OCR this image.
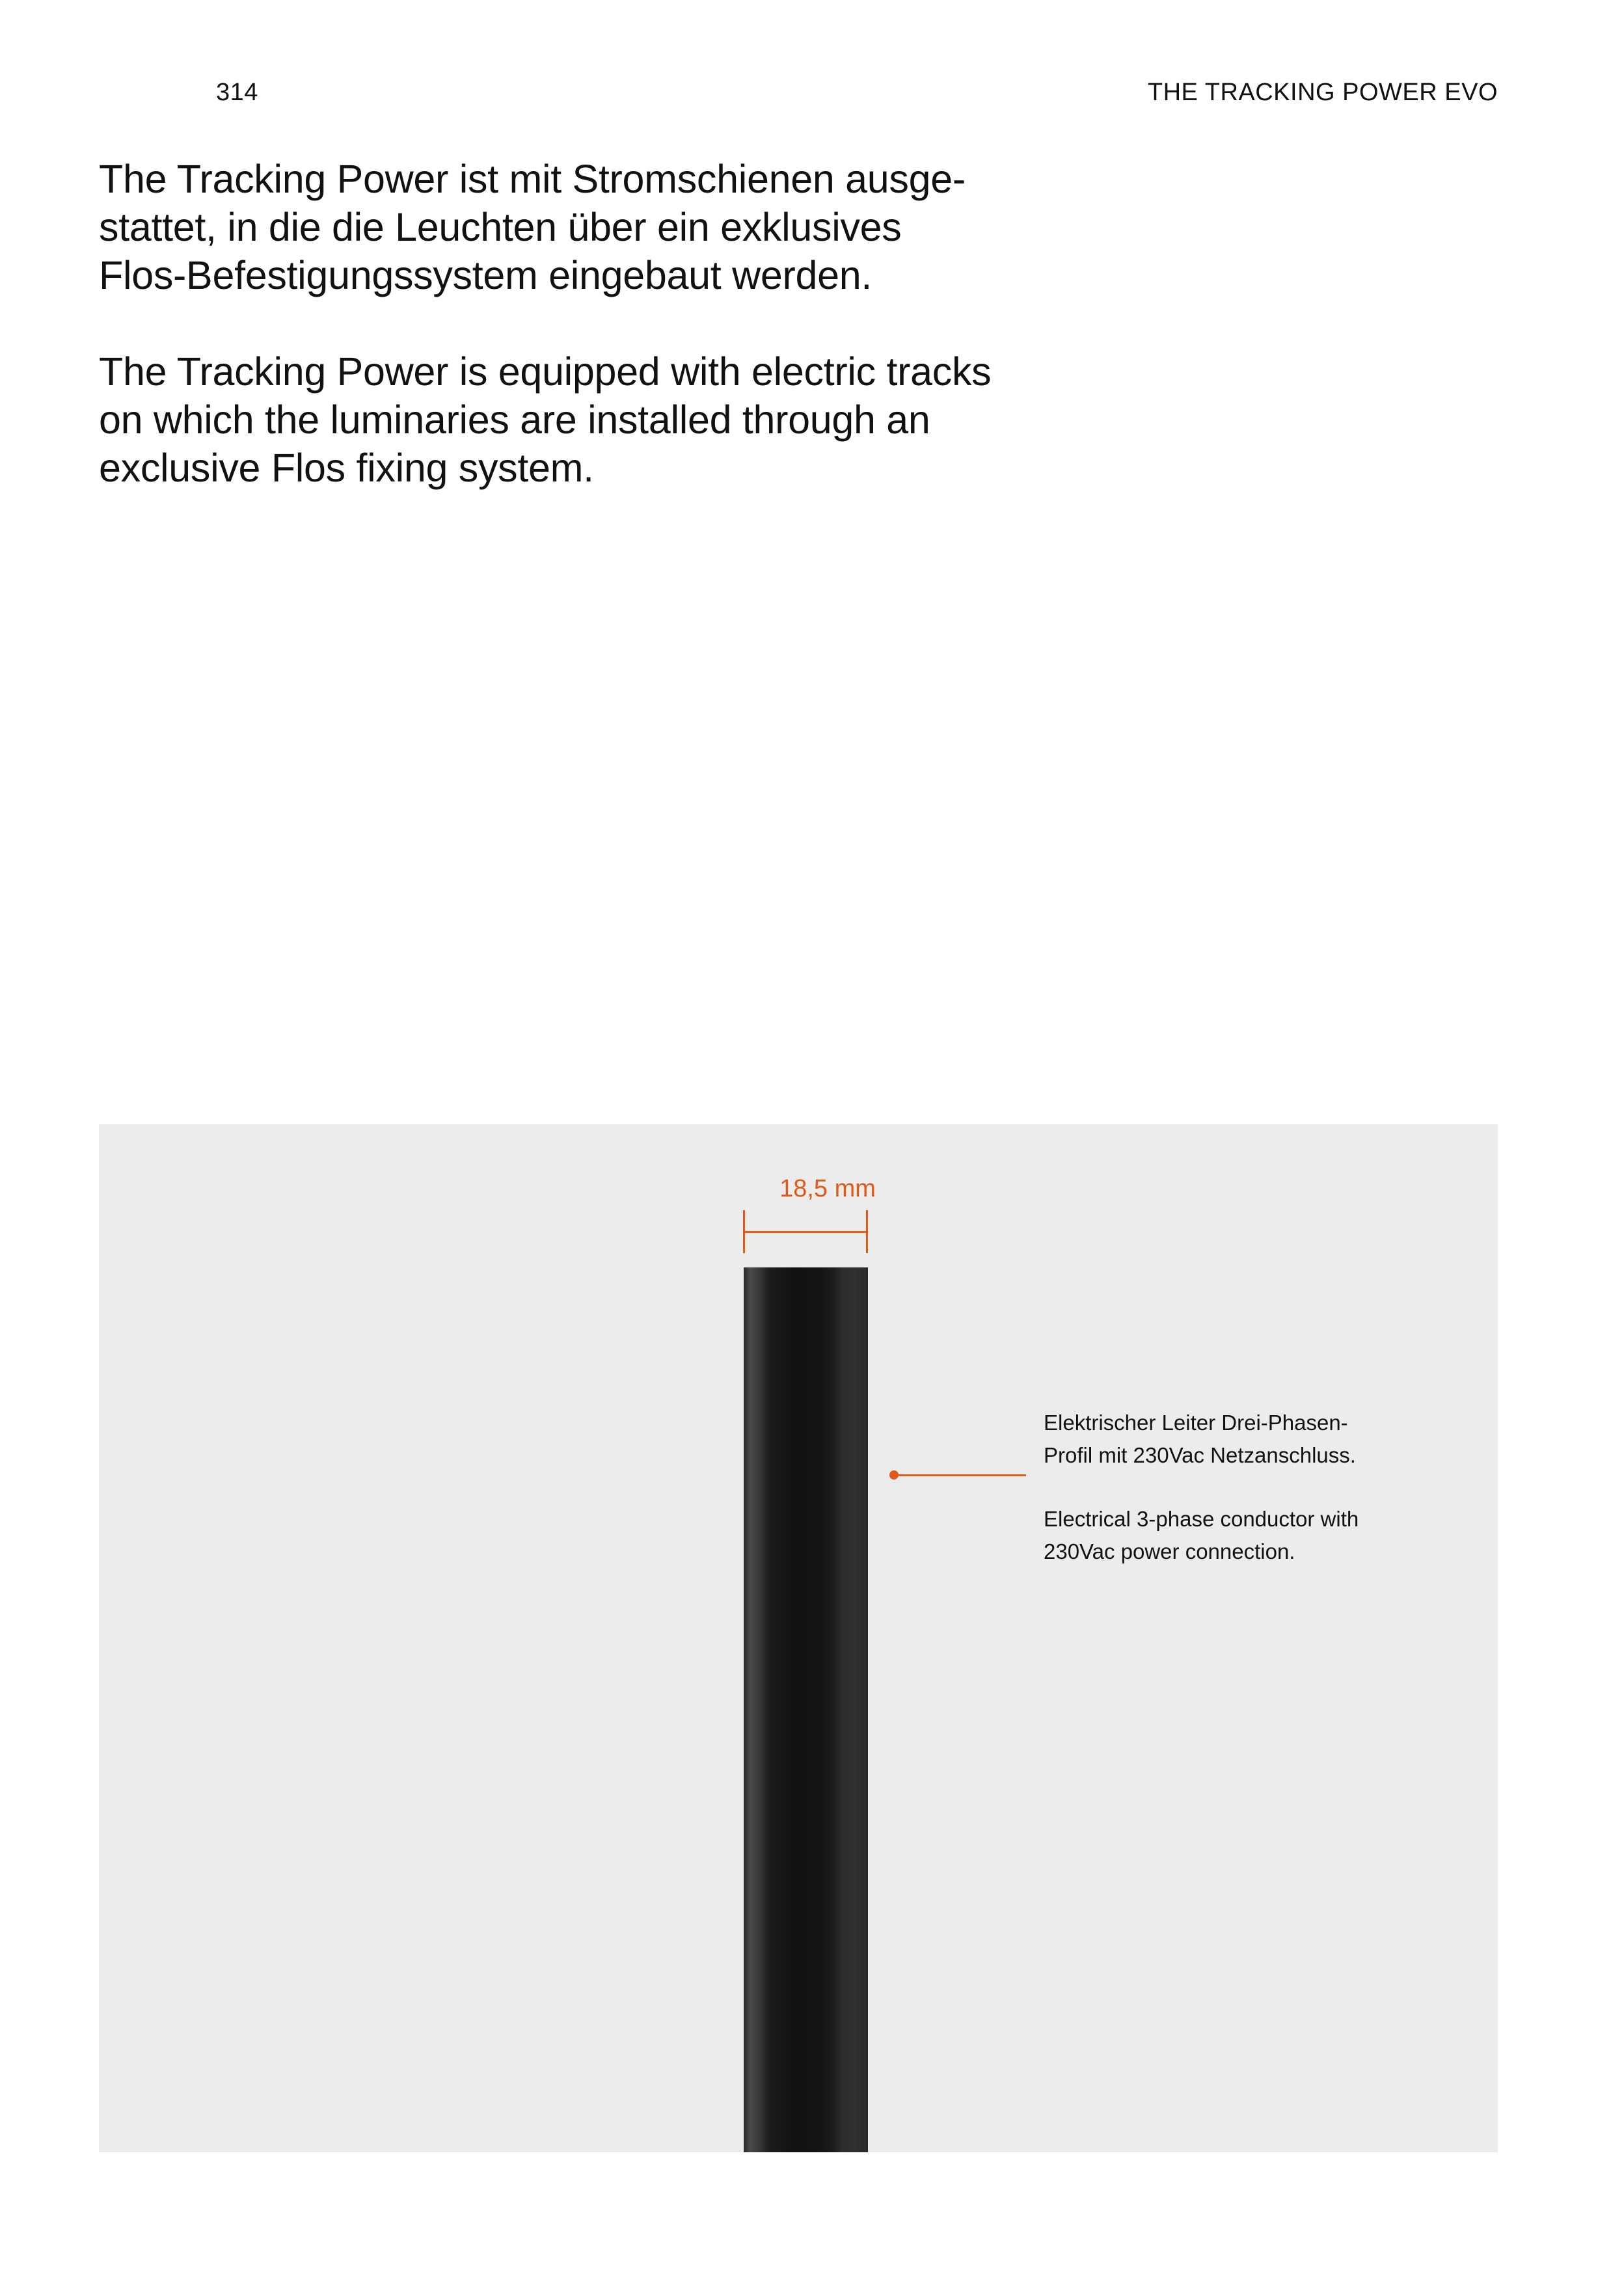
314	THE TRACKING POWER EVO

The Tracking Power ist mit Stromschienen ausge-
stattet, in die die Leuchten über ein exklusives
Flos-Befestigungssystem eingebaut werden.

The Tracking Power is equipped with electric tracks
on which the luminaries are installed through an
exclusive Flos fixing system.

18,5 mm

Elektrischer Leiter Drei-Phasen-
Profil mit 230Vac Netzanschluss.

Electrical 3-phase conductor with
230Vac power connection.
